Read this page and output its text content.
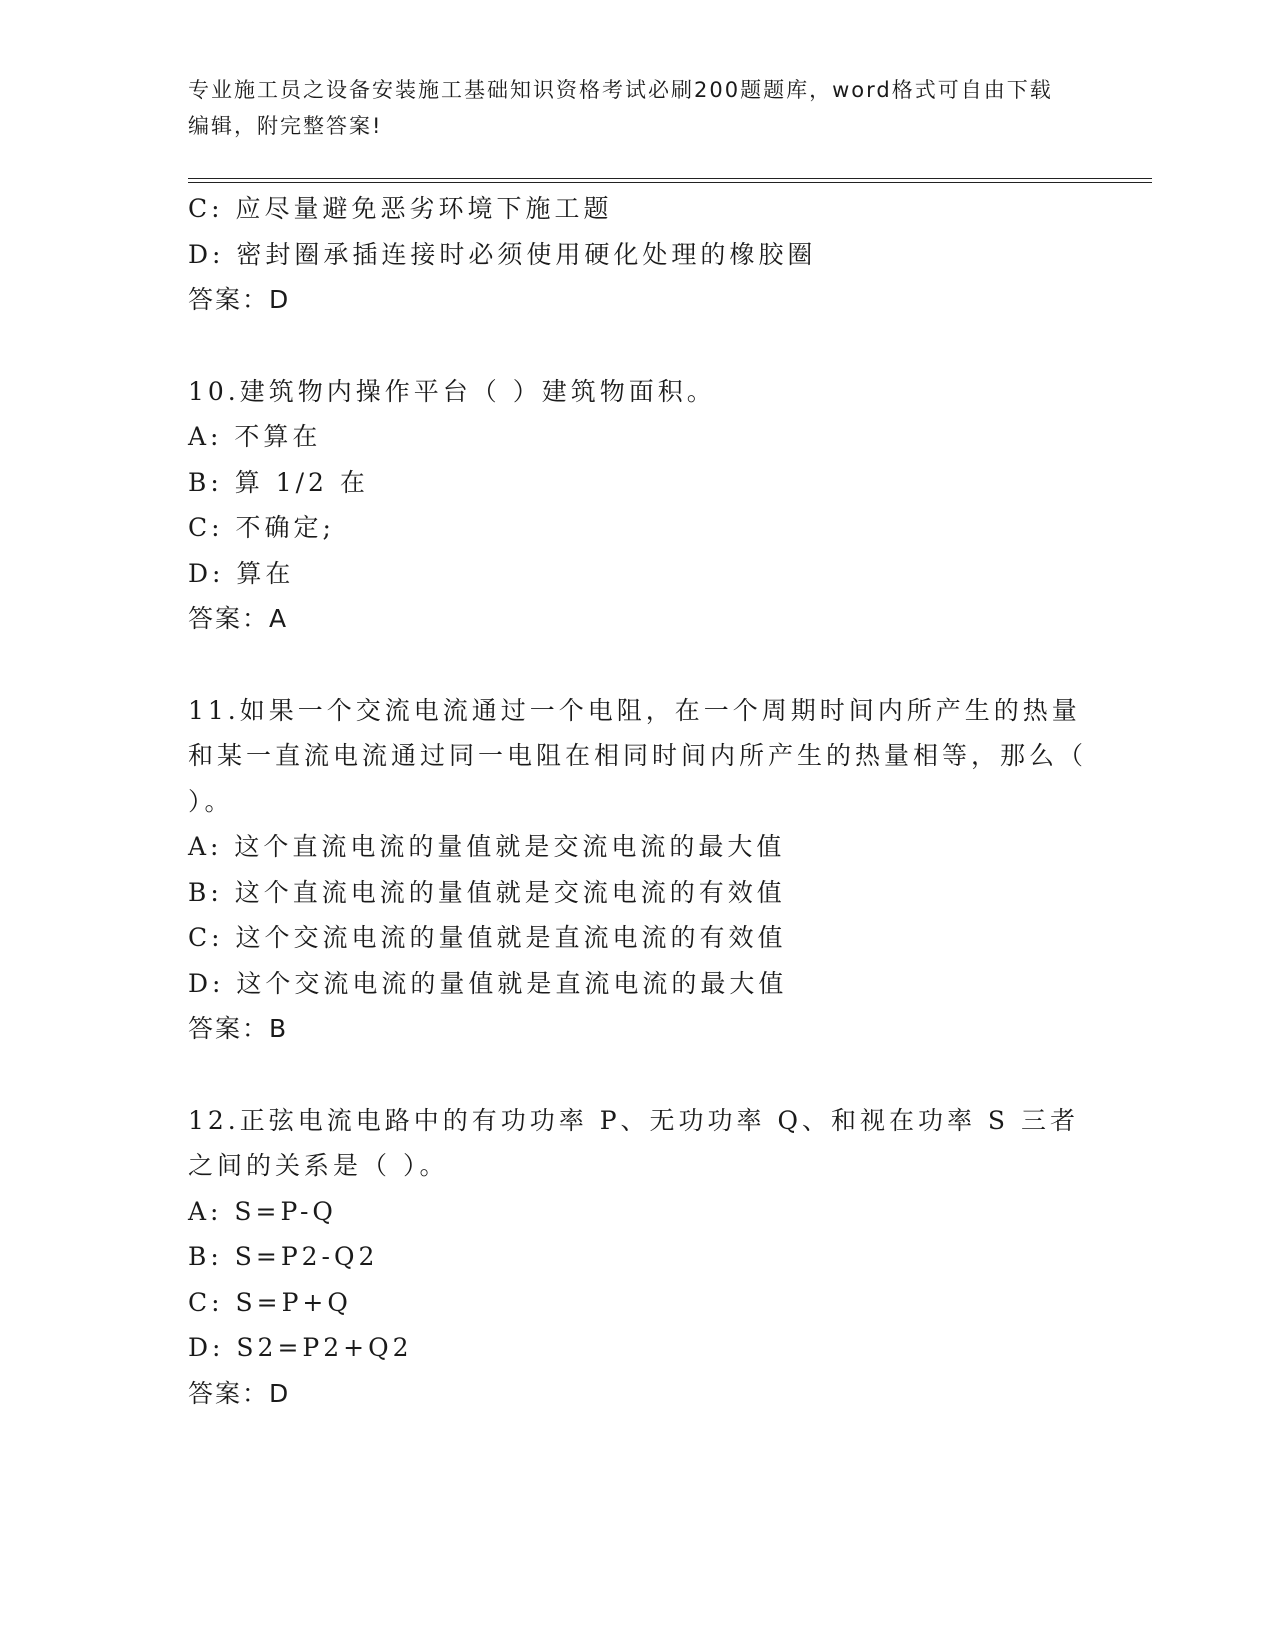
专业施工员之设备安装施工基础知识资格考试必刷200题题库，word格式可自由下载编辑，附完整答案!
C: 应尽量避免恶劣环境下施工题
D: 密封圈承插连接时必须使用硬化处理的橡胶圈
答案：D
10.建筑物内操作平台（ ）建筑物面积。
A: 不算在
B: 算 1/2 在
C: 不确定;
D: 算在
答案：A
11.如果一个交流电流通过一个电阻，在一个周期时间内所产生的热量和某一直流电流通过同一电阻在相同时间内所产生的热量相等，那么（ ）。
A: 这个直流电流的量值就是交流电流的最大值
B: 这个直流电流的量值就是交流电流的有效值
C: 这个交流电流的量值就是直流电流的有效值
D: 这个交流电流的量值就是直流电流的最大值
答案：B
12.正弦电流电路中的有功功率 P、无功功率 Q、和视在功率 S 三者之间的关系是（ ）。
A: S=P-Q
B: S=P2-Q2
C: S=P+Q
D: S2=P2+Q2
答案：D
